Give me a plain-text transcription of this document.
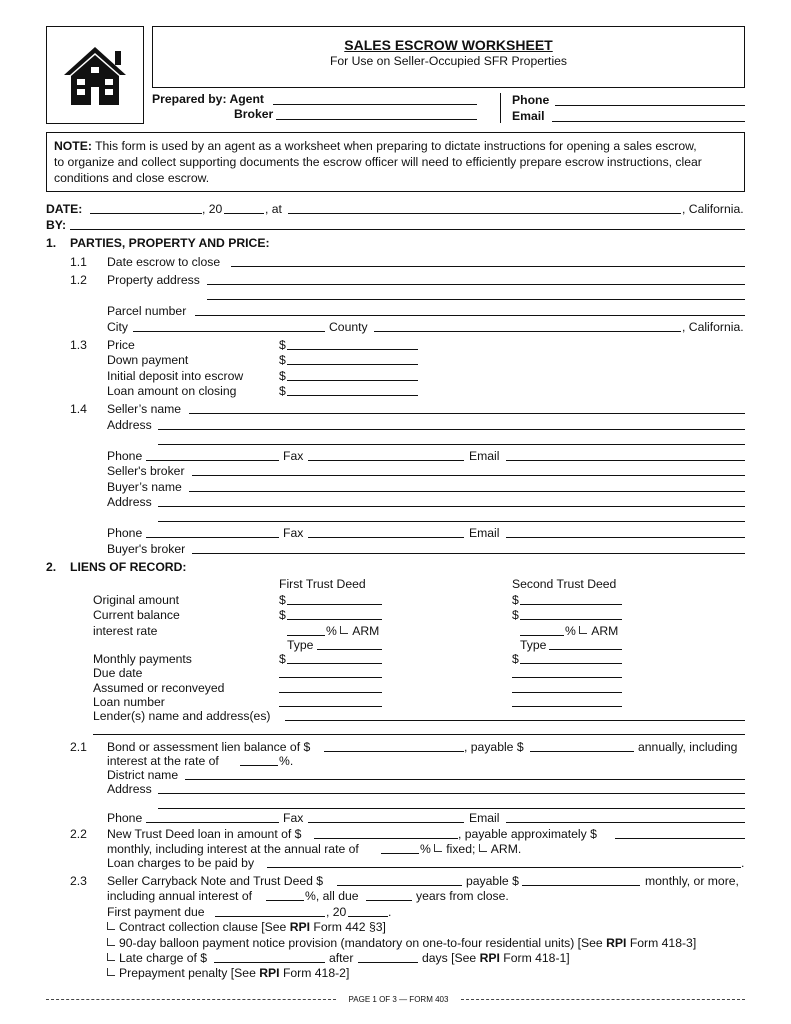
SALES ESCROW WORKSHEET
For Use on Seller-Occupied SFR Properties
Prepared by: Agent
Broker
Phone
Email
NOTE: This form is used by an agent as a worksheet when preparing to dictate instructions for opening a sales escrow,
to organize and collect supporting documents the escrow officer will need to efficiently prepare escrow instructions, clear
conditions and close escrow.
DATE:	, 20	, at	, California.
BY:
1. PARTIES, PROPERTY AND PRICE:
1.1 Date escrow to close
1.2 Property address
Parcel number
City	County	, California.
1.3 Price	$
Down payment	$
Initial deposit into escrow	$
Loan amount on closing	$
1.4 Seller’s name
Address
Phone	Fax	Email
Seller's broker
Buyer’s name
Address
Phone	Fax	Email
Buyer's broker
2. LIENS OF RECORD:
First Trust Deed	Second Trust Deed
Original amount	$	$
Current balance	$	$
interest rate	% ARM	% ARM
Type	Type
Monthly payments	$	$
Due date
Assumed or reconveyed
Loan number
Lender(s) name and address(es)
2.1 Bond or assessment lien balance of $	, payable $	annually, including
interest at the rate of	%.
District name
Address
Phone	Fax	Email
2.2 New Trust Deed loan in amount of $	, payable approximately $
monthly, including interest at the annual rate of	% fixed; ARM.
Loan charges to be paid by	.
2.3 Seller Carryback Note and Trust Deed $	payable $	monthly, or more,
including annual interest of	%, all due	years from close.
First payment due	, 20	.
Contract collection clause [See RPI Form 442 §3]
90-day balloon payment notice provision (mandatory on one-to-four residential units) [See RPI Form 418-3]
Late charge of $	after	days [See RPI Form 418-1]
Prepayment penalty [See RPI Form 418-2]
PAGE 1 OF 3 — FORM 403
